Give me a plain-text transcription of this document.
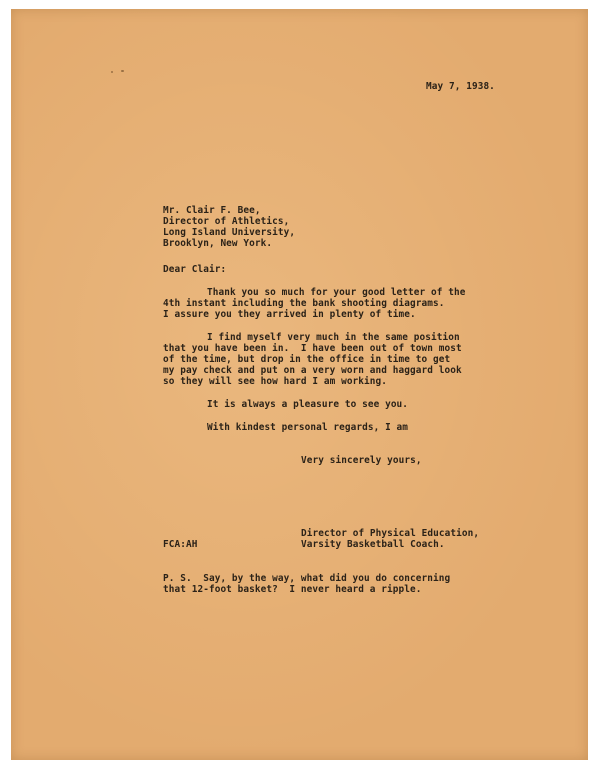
May 7, 1938.
Mr. Clair F. Bee,
Director of Athletics,
Long Island University,
Brooklyn, New York.
Dear Clair:
Thank you so much for your good letter of the
4th instant including the bank shooting diagrams.
I assure you they arrived in plenty of time.
I find myself very much in the same position
that you have been in.  I have been out of town most
of the time, but drop in the office in time to get
my pay check and put on a very worn and haggard look
so they will see how hard I am working.
It is always a pleasure to see you.
With kindest personal regards, I am
Very sincerely yours,
Director of Physical Education,
Varsity Basketball Coach.
FCA:AH
P. S.  Say, by the way, what did you do concerning
that 12-foot basket?  I never heard a ripple.
